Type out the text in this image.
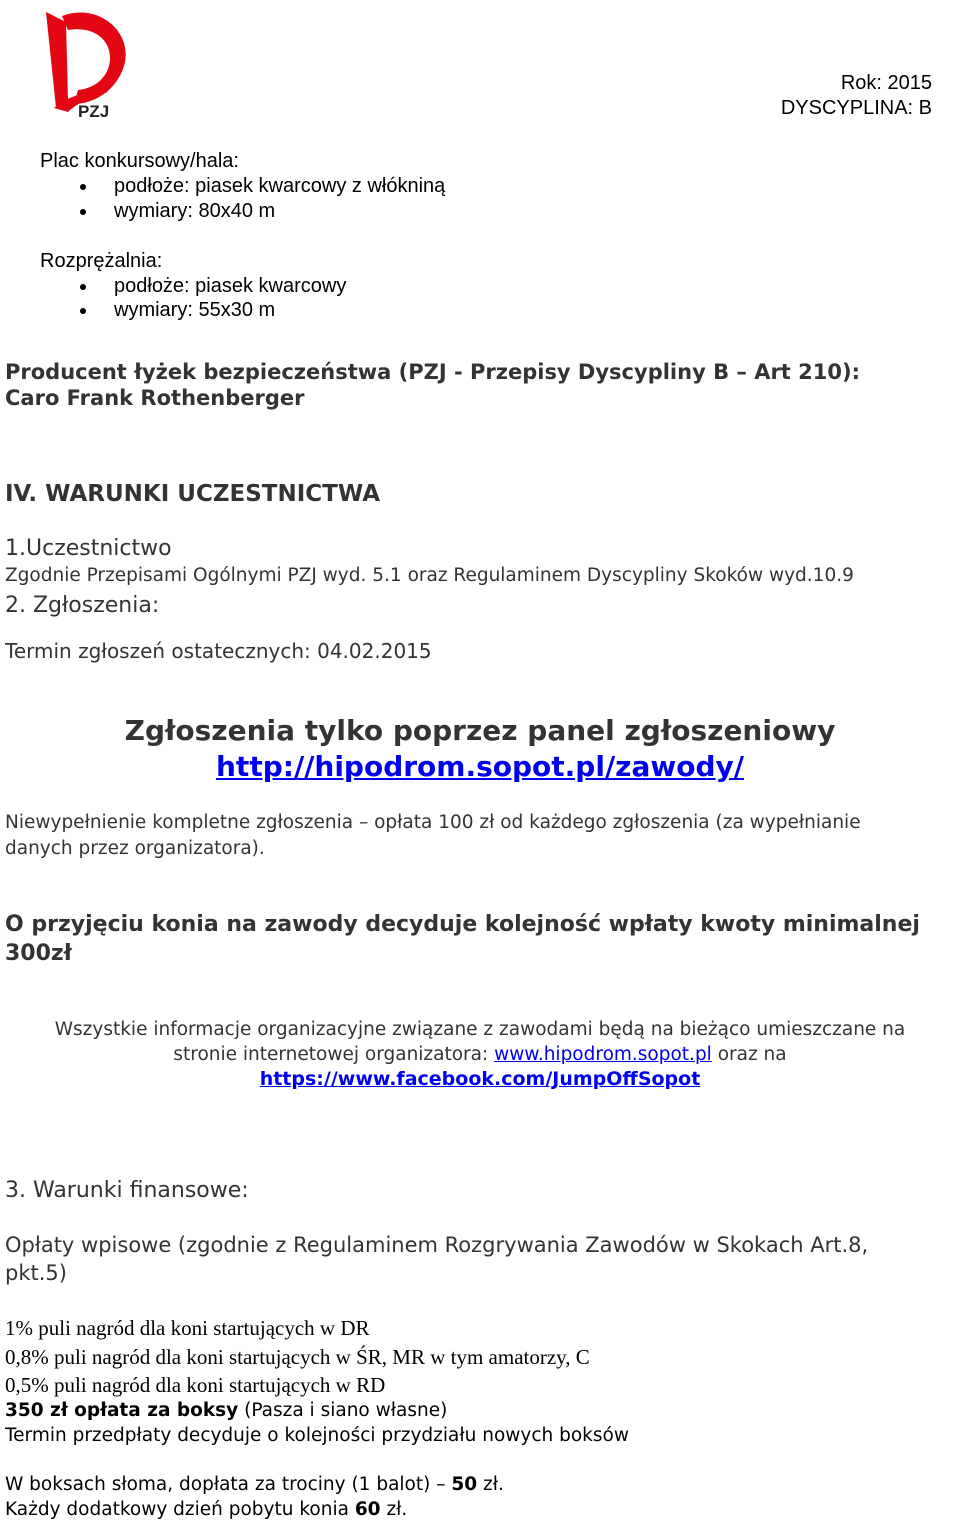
PZJ
Rok: 2015
DYSCYPLINA: B
Plac konkursowy/hala:
podłoże: piasek kwarcowy z włókniną
wymiary: 80x40 m
Rozprężalnia:
podłoże: piasek kwarcowy
wymiary: 55x30 m
Producent łyżek bezpieczeństwa (PZJ - Przepisy Dyscypliny B – Art 210):
Caro Frank Rothenberger
IV. WARUNKI UCZESTNICTWA
1.Uczestnictwo
Zgodnie Przepisami Ogólnymi PZJ wyd. 5.1 oraz Regulaminem Dyscypliny Skoków wyd.10.9
2. Zgłoszenia:
Termin zgłoszeń ostatecznych: 04.02.2015
Zgłoszenia tylko poprzez panel zgłoszeniowy
http://hipodrom.sopot.pl/zawody/
Niewypełnienie kompletne zgłoszenia – opłata 100 zł od każdego zgłoszenia (za wypełnianie
danych przez organizatora).
O przyjęciu konia na zawody decyduje kolejność wpłaty kwoty minimalnej
300zł
Wszystkie informacje organizacyjne związane z zawodami będą na bieżąco umieszczane na
stronie internetowej organizatora: www.hipodrom.sopot.pl oraz na
https://www.facebook.com/JumpOffSopot
3. Warunki finansowe:
Opłaty wpisowe (zgodnie z Regulaminem Rozgrywania Zawodów w Skokach Art.8,
pkt.5)
1% puli nagród dla koni startujących w DR
0,8% puli nagród dla koni startujących w ŚR, MR w tym amatorzy, C
0,5% puli nagród dla koni startujących w RD
350 zł opłata za boksy (Pasza i siano własne)
Termin przedpłaty decyduje o kolejności przydziału nowych boksów
W boksach słoma, dopłata za trociny (1 balot) – 50 zł.
Każdy dodatkowy dzień pobytu konia 60 zł.
